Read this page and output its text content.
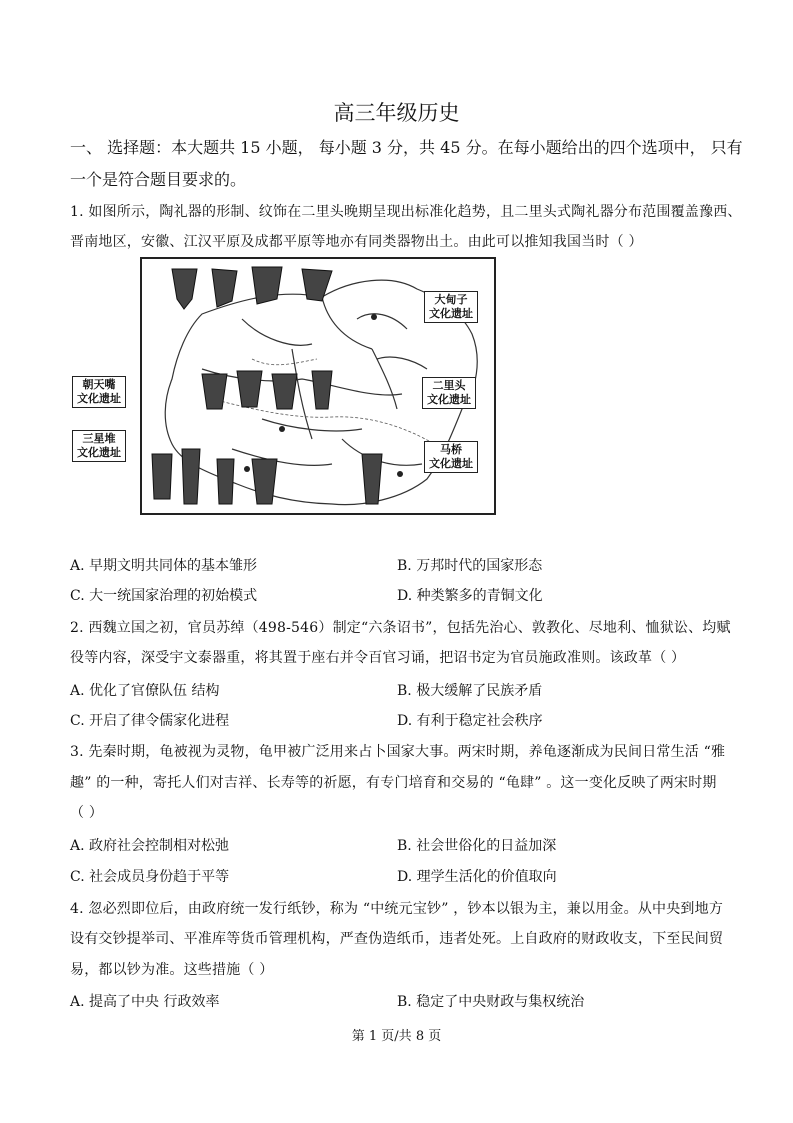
高三年级历史
一、 选择题：本大题共 15 小题， 每小题 3 分，共 45 分。在每小题给出的四个选项中， 只有
一个是符合题目要求的。
1. 如图所示，陶礼器的形制、纹饰在二里头晚期呈现出标准化趋势，且二里头式陶礼器分布范围覆盖豫西、
晋南地区，安徽、江汉平原及成都平原等地亦有同类器物出土。由此可以推知我国当时（ ）
大甸子
文化遗址
二里头
文化遗址
马桥
文化遗址
朝天嘴
文化遗址
三星堆
文化遗址
A. 早期文明共同体的基本雏形	B. 万邦时代的国家形态
C. 大一统国家治理的初始模式	D. 种类繁多的青铜文化
2. 西魏立国之初，官员苏绰（498-546）制定“六条诏书”，包括先治心、敦教化、尽地利、恤狱讼、均赋
役等内容，深受宇文泰器重，将其置于座右并令百官习诵，把诏书定为官员施政准则。该政革（ ）
A. 优化了官僚队伍 结构	B. 极大缓解了民族矛盾
C. 开启了律令儒家化进程	D. 有利于稳定社会秩序
3. 先秦时期，龟被视为灵物，龟甲被广泛用来占卜国家大事。两宋时期，养龟逐渐成为民间日常生活 “雅
趣” 的一种，寄托人们对吉祥、长寿等的祈愿，有专门培育和交易的 “龟肆” 。这一变化反映了两宋时期
（ ）
A. 政府社会控制相对松弛	B. 社会世俗化的日益加深
C. 社会成员身份趋于平等	D. 理学生活化的价值取向
4. 忽必烈即位后，由政府统一发行纸钞，称为 “中统元宝钞” ，钞本以银为主，兼以用金。从中央到地方
设有交钞提举司、平准库等货币管理机构，严查伪造纸币，违者处死。上自政府的财政收支，下至民间贸
易，都以钞为准。这些措施（ ）
A. 提高了中央 行政效率	B. 稳定了中央财政与集权统治
第 1 页/共 8 页
